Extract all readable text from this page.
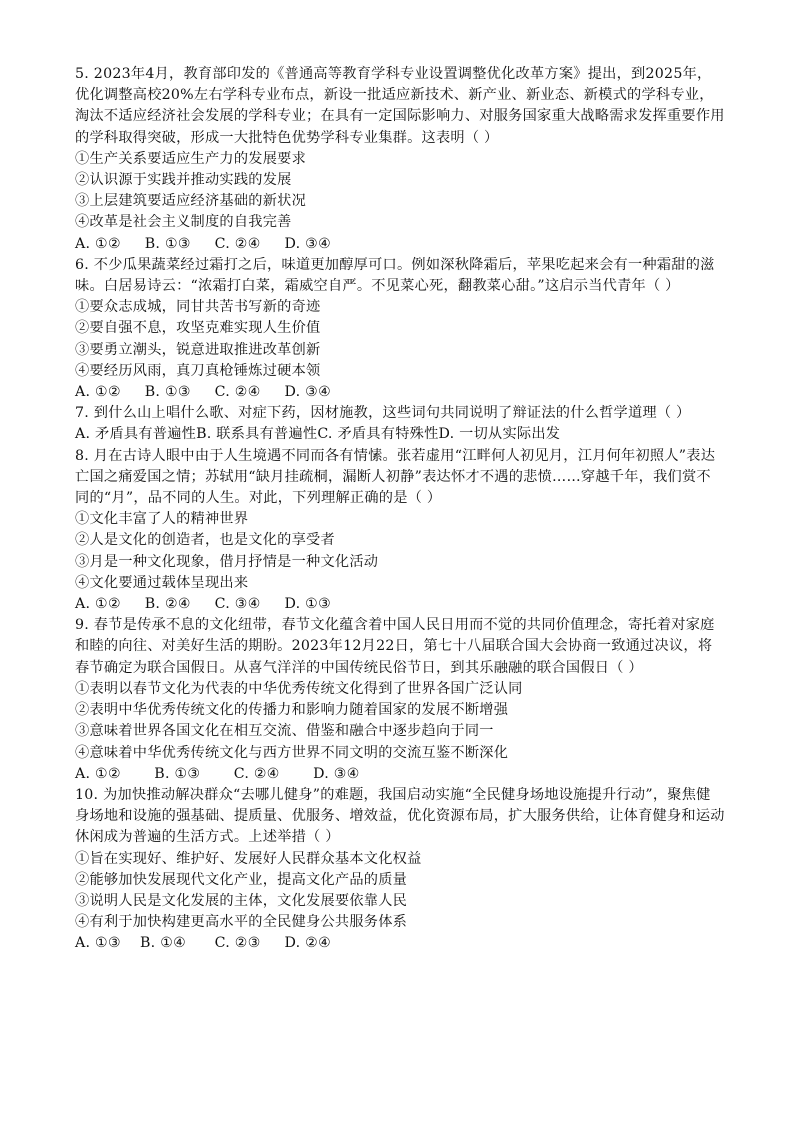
5. 2023年4月，教育部印发的《普通高等教育学科专业设置调整优化改革方案》提出，到2025年，优化调整高校20%左右学科专业布点，新设一批适应新技术、新产业、新业态、新模式的学科专业，淘汰不适应经济社会发展的学科专业；在具有一定国际影响力、对服务国家重大战略需求发挥重要作用的学科取得突破，形成一大批特色优势学科专业集群。这表明（ ）
①生产关系要适应生产力的发展要求
②认识源于实践并推动实践的发展
③上层建筑要适应经济基础的新状况
④改革是社会主义制度的自我完善
A. ①②     B. ①③     C. ②④     D. ③④
6. 不少瓜果蔬菜经过霜打之后，味道更加醇厚可口。例如深秋降霜后，苹果吃起来会有一种霜甜的滋味。白居易诗云：“浓霜打白菜，霜威空自严。不见菜心死，翻教菜心甜。”这启示当代青年（ ）
①要众志成城，同甘共苦书写新的奇迹
②要自强不息，攻坚克难实现人生价值
③要勇立潮头，锐意进取推进改革创新
④要经历风雨，真刀真枪锤炼过硬本领
A. ①②     B. ①③     C. ②④     D. ③④
7. 到什么山上唱什么歌、对症下药，因材施教，这些词句共同说明了辩证法的什么哲学道理（ ）
A. 矛盾具有普遍性B. 联系具有普遍性C. 矛盾具有特殊性D. 一切从实际出发
8. 月在古诗人眼中由于人生境遇不同而各有情愫。张若虚用“江畔何人初见月，江月何年初照人”表达亡国之痛爱国之情；苏轼用“缺月挂疏桐，漏断人初静”表达怀才不遇的悲愤……穿越千年，我们赏不同的“月”，品不同的人生。对此，下列理解正确的是（ ）
①文化丰富了人的精神世界
②人是文化的创造者，也是文化的享受者
③月是一种文化现象，借月抒情是一种文化活动
④文化要通过载体呈现出来
A. ①②     B. ②④     C. ③④     D. ①③
9. 春节是传承不息的文化纽带，春节文化蕴含着中国人民日用而不觉的共同价值理念，寄托着对家庭和睦的向往、对美好生活的期盼。2023年12月22日，第七十八届联合国大会协商一致通过决议，将春节确定为联合国假日。从喜气洋洋的中国传统民俗节日，到其乐融融的联合国假日（ ）
①表明以春节文化为代表的中华优秀传统文化得到了世界各国广泛认同
②表明中华优秀传统文化的传播力和影响力随着国家的发展不断增强
③意味着世界各国文化在相互交流、借鉴和融合中逐步趋向于同一
④意味着中华优秀传统文化与西方世界不同文明的交流互鉴不断深化
A. ①②       B. ①③       C. ②④       D. ③④
10. 为加快推动解决群众“去哪儿健身”的难题，我国启动实施“全民健身场地设施提升行动”，聚焦健身场地和设施的强基础、提质量、优服务、增效益，优化资源布局，扩大服务供给，让体育健身和运动休闲成为普遍的生活方式。上述举措（ ）
①旨在实现好、维护好、发展好人民群众基本文化权益
②能够加快发展现代文化产业，提高文化产品的质量
③说明人民是文化发展的主体，文化发展要依靠人民
④有利于加快构建更高水平的全民健身公共服务体系
A. ①③    B. ①④      C. ②③     D. ②④
